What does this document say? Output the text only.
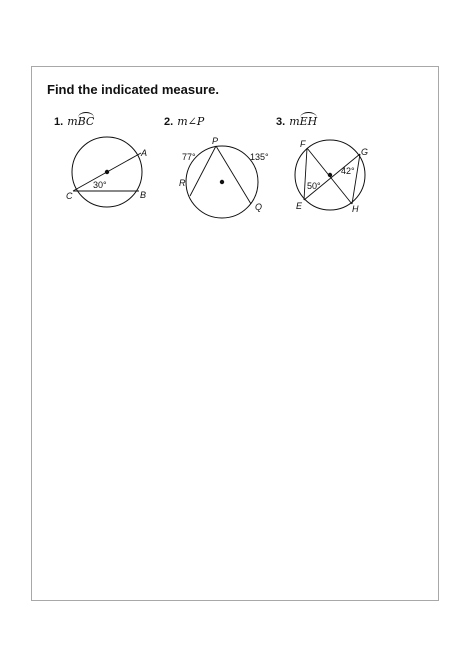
Find the indicated measure.
1. mBC
A
B
C
30°
2. m∠P
P
Q
R
77°	135°
3. mEH
F
G
E	H
50°
42°
